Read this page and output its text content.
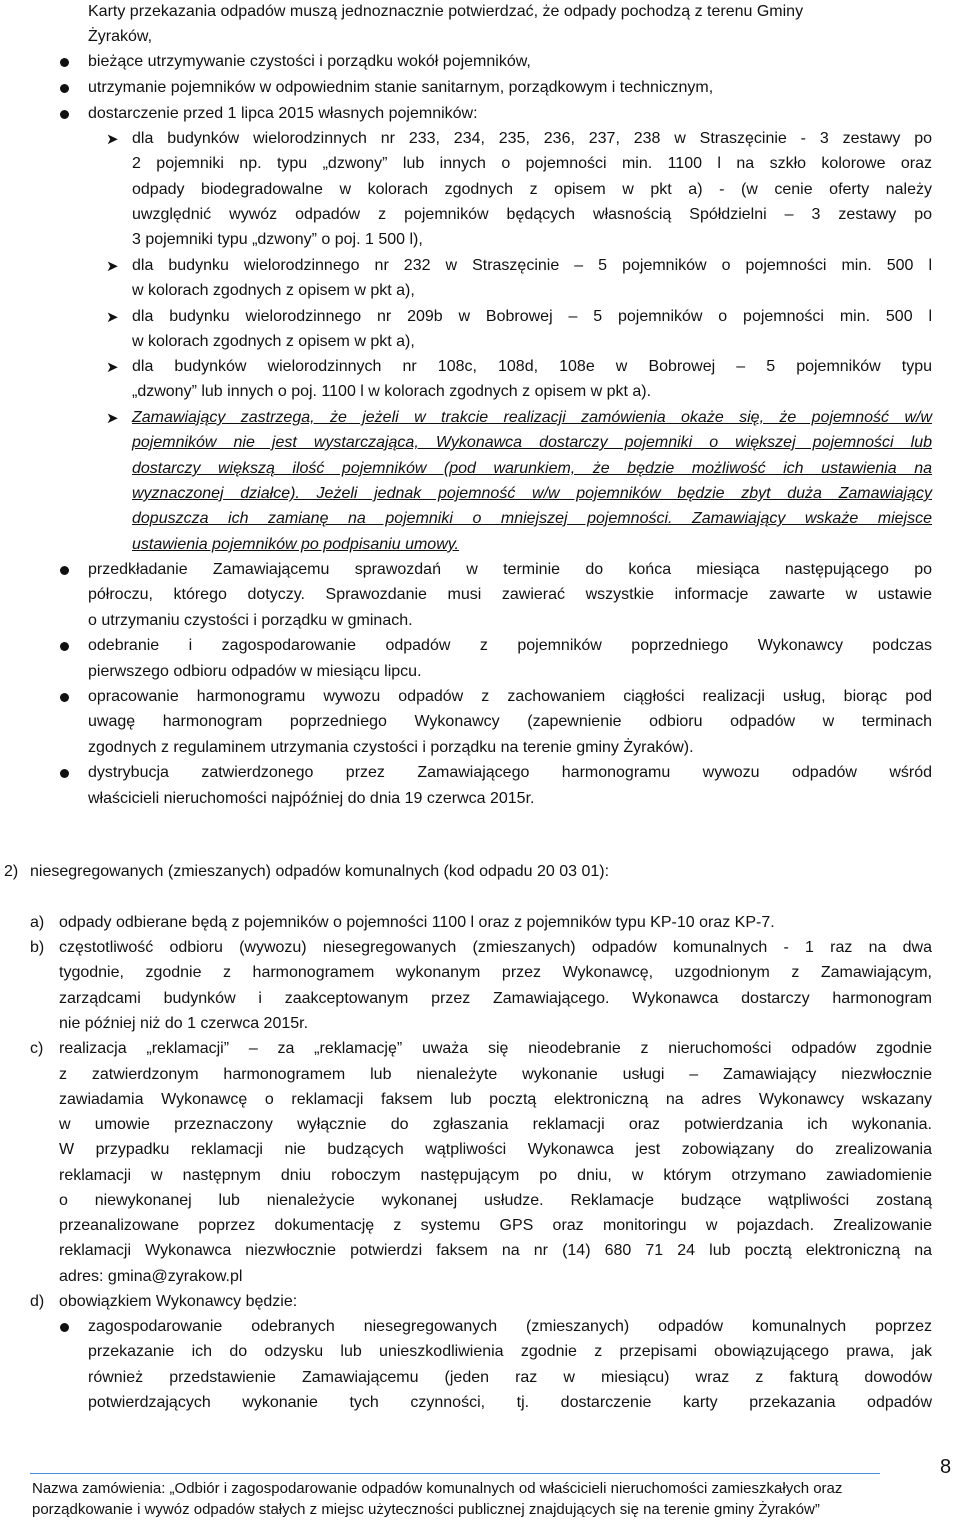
Karty przekazania odpadów muszą jednoznacznie potwierdzać, że odpady pochodzą z terenu Gminy
Żyraków,
bieżące utrzymywanie czystości i porządku wokół pojemników,
utrzymanie pojemników w odpowiednim stanie sanitarnym, porządkowym i technicznym,
dostarczenie przed 1 lipca 2015 własnych pojemników:
➤ dla budynków wielorodzinnych nr 233, 234, 235, 236, 237, 238 w Straszęcinie - 3 zestawy po
2 pojemniki np. typu „dzwony” lub innych o pojemności min. 1100 l na szkło kolorowe oraz
odpady biodegradowalne w kolorach zgodnych z opisem w pkt a) - (w cenie oferty należy
uwzględnić wywóz odpadów z pojemników będących własnością Spółdzielni – 3 zestawy po
3 pojemniki typu „dzwony” o poj. 1 500 l),
➤ dla budynku wielorodzinnego nr 232 w Straszęcinie – 5 pojemników o pojemności min. 500 l
w kolorach zgodnych z opisem w pkt a),
➤ dla budynku wielorodzinnego nr 209b w Bobrowej – 5 pojemników o pojemności min. 500 l
w kolorach zgodnych z opisem w pkt a),
➤ dla budynków wielorodzinnych nr 108c, 108d, 108e w Bobrowej – 5 pojemników typu
„dzwony” lub innych o poj. 1100 l w kolorach zgodnych z opisem w pkt a).
➤ Zamawiający zastrzega, że jeżeli w trakcie realizacji zamówienia okaże się, że pojemność w/w
pojemników nie jest wystarczająca, Wykonawca dostarczy pojemniki o większej pojemności lub
dostarczy większą ilość pojemników (pod warunkiem, że będzie możliwość ich ustawienia na
wyznaczonej działce). Jeżeli jednak pojemność w/w pojemników będzie zbyt duża Zamawiający
dopuszcza ich zamianę na pojemniki o mniejszej pojemności. Zamawiający wskaże miejsce
ustawienia pojemników po podpisaniu umowy.
przedkładanie Zamawiającemu sprawozdań w terminie do końca miesiąca następującego po
półroczu, którego dotyczy. Sprawozdanie musi zawierać wszystkie informacje zawarte w ustawie
o utrzymaniu czystości i porządku w gminach.
odebranie i zagospodarowanie odpadów z pojemników poprzedniego Wykonawcy podczas
pierwszego odbioru odpadów w miesiącu lipcu.
opracowanie harmonogramu wywozu odpadów z zachowaniem ciągłości realizacji usług, biorąc pod
uwagę harmonogram poprzedniego Wykonawcy (zapewnienie odbioru odpadów w terminach
zgodnych z regulaminem utrzymania czystości i porządku na terenie gminy Żyraków).
dystrybucja zatwierdzonego przez Zamawiającego harmonogramu wywozu odpadów wśród
właścicieli nieruchomości najpóźniej do dnia 19 czerwca 2015r.
2) niesegregowanych (zmieszanych) odpadów komunalnych (kod odpadu 20 03 01):
a) odpady odbierane będą z pojemników o pojemności 1100 l oraz z pojemników typu KP-10 oraz KP-7.
b) częstotliwość odbioru (wywozu) niesegregowanych (zmieszanych) odpadów komunalnych - 1 raz na dwa
tygodnie, zgodnie z harmonogramem wykonanym przez Wykonawcę, uzgodnionym z Zamawiającym,
zarządcami budynków i zaakceptowanym przez Zamawiającego. Wykonawca dostarczy harmonogram
nie później niż do 1 czerwca 2015r.
c) realizacja „reklamacji” – za „reklamację” uważa się nieodebranie z nieruchomości odpadów zgodnie
z zatwierdzonym harmonogramem lub nienależyte wykonanie usługi – Zamawiający niezwłocznie
zawiadamia Wykonawcę o reklamacji faksem lub pocztą elektroniczną na adres Wykonawcy wskazany
w umowie przeznaczony wyłącznie do zgłaszania reklamacji oraz potwierdzania ich wykonania.
W przypadku reklamacji nie budzących wątpliwości Wykonawca jest zobowiązany do zrealizowania
reklamacji w następnym dniu roboczym następującym po dniu, w którym otrzymano zawiadomienie
o niewykonanej lub nienależycie wykonanej usłudze. Reklamacje budzące wątpliwości zostaną
przeanalizowane poprzez dokumentację z systemu GPS oraz monitoringu w pojazdach. Zrealizowanie
reklamacji Wykonawca niezwłocznie potwierdzi faksem na nr (14) 680 71 24 lub pocztą elektroniczną na
adres: gmina@zyrakow.pl
d) obowiązkiem Wykonawcy będzie:
zagospodarowanie odebranych niesegregowanych (zmieszanych) odpadów komunalnych poprzez
przekazanie ich do odzysku lub unieszkodliwienia zgodnie z przepisami obowiązującego prawa, jak
również przedstawienie Zamawiającemu (jeden raz w miesiącu) wraz z fakturą dowodów
potwierdzających wykonanie tych czynności, tj. dostarczenie karty przekazania odpadów
Nazwa zamówienia: „Odbiór i zagospodarowanie odpadów komunalnych od właścicieli nieruchomości zamieszkałych oraz
porządkowanie i wywóz odpadów stałych z miejsc użyteczności publicznej znajdujących się na terenie gminy Żyraków”
8
